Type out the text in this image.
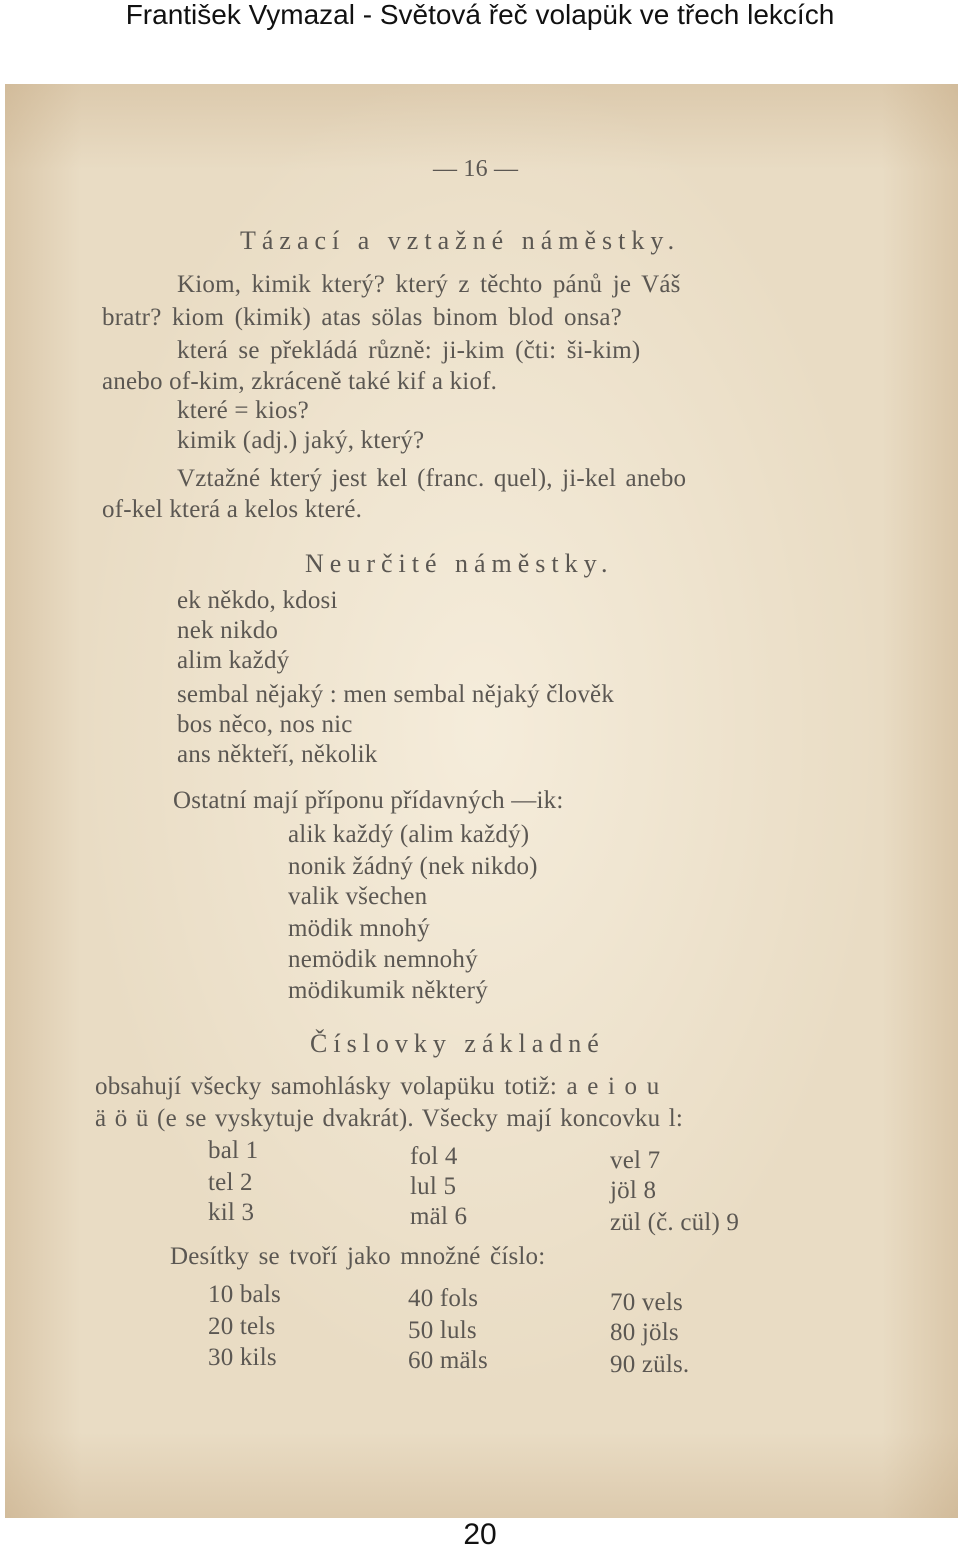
František Vymazal - Světová řeč volapük ve třech lekcích
— 16 —
Tázací a vztažné náměstky.
Kiom, kimik který? který z těchto pánů je Váš
bratr? kiom (kimik) atas sölas binom blod onsa?
která se překládá různě: ji-kim (čti: ši-kim)
anebo of-kim, zkráceně také kif a kiof.
které = kios?
kimik (adj.) jaký, který?
Vztažné který jest kel (franc. quel), ji-kel anebo
of-kel která a kelos které.
Neurčité náměstky.
ek někdo, kdosi
nek nikdo
alim každý
sembal nějaký : men sembal nějaký člověk
bos něco, nos nic
ans někteří, několik
Ostatní mají příponu přídavných —ik:
alik každý (alim každý)
nonik žádný (nek nikdo)
valik všechen
mödik mnohý
nemödik nemnohý
mödikumik některý
Číslovky základné
obsahují všecky samohlásky volapüku totiž: a e i o u
ä ö ü (e se vyskytuje dvakrát). Všecky mají koncovku l:
bal 1	fol 4	vel 7
tel 2	lul 5	jöl 8
kil 3	mäl 6	zül (č. cül) 9
Desítky se tvoří jako množné číslo:
10 bals	40 fols	70 vels
20 tels	50 luls	80 jöls
30 kils	60 mäls	90 züls.
20
